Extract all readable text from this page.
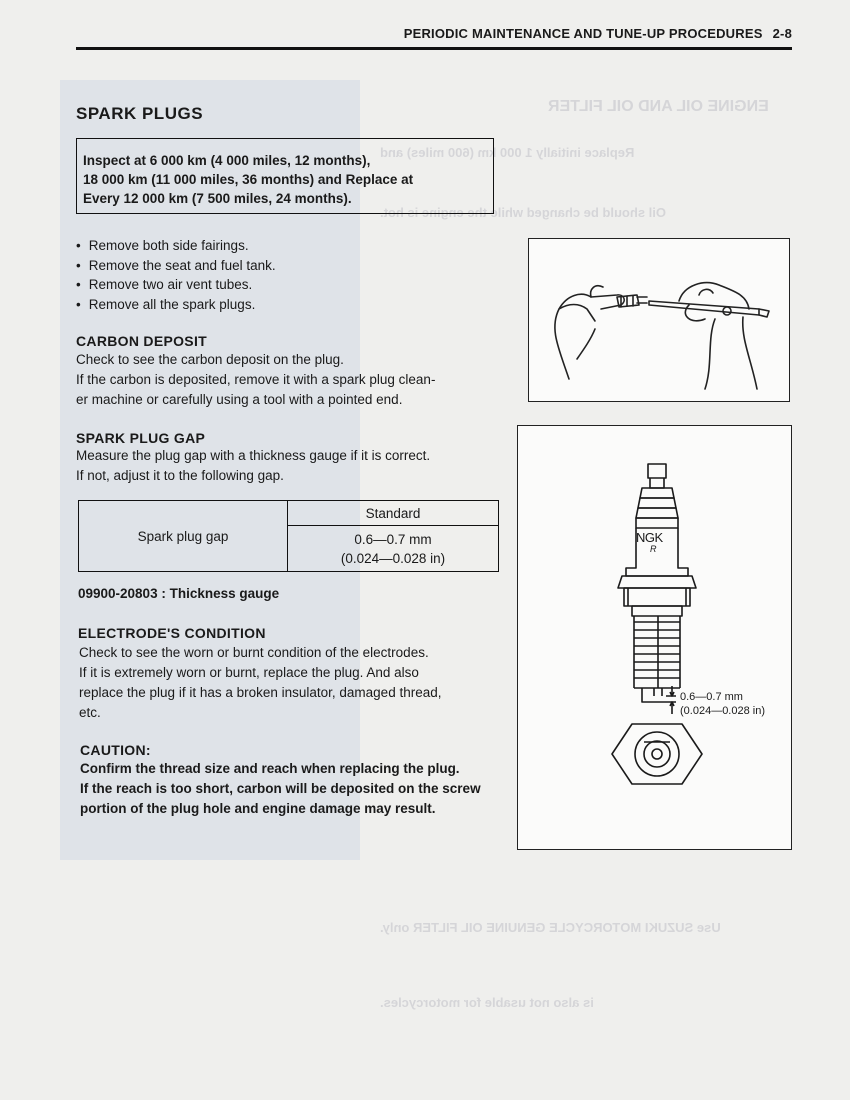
ENGINE OIL AND OIL FILTER
Replace initially 1 000 km (600 miles) and
Oil should be changed while the engine is hot.
Use SUZUKI MOTORCYCLE GENUINE OIL FILTER only.
is also not usable for motorcycles.
PERIODIC MAINTENANCE AND TUNE-UP PROCEDURES 2-8
SPARK PLUGS
Inspect at 6 000 km (4 000 miles, 12 months),
18 000 km (11 000 miles, 36 months) and Replace at
Every 12 000 km (7 500 miles, 24 months).
• Remove both side fairings.
• Remove the seat and fuel tank.
• Remove two air vent tubes.
• Remove all the spark plugs.
CARBON DEPOSIT
Check to see the carbon deposit on the plug.
If the carbon is deposited, remove it with a spark plug clean-
er machine or carefully using a tool with a pointed end.
SPARK PLUG GAP
Measure the plug gap with a thickness gauge if it is correct.
If not, adjust it to the following gap.
Spark plug gap	Standard

0.6—0.7 mm
(0.024—0.028 in)
09900-20803 : Thickness gauge
ELECTRODE'S CONDITION
Check to see the worn or burnt condition of the electrodes.
If it is extremely worn or burnt, replace the plug. And also
replace the plug if it has a broken insulator, damaged thread,
etc.
CAUTION:
Confirm the thread size and reach when replacing the plug.
If the reach is too short, carbon will be deposited on the screw
portion of the plug hole and engine damage may result.
NGK
R
0.6—0.7 mm
(0.024—0.028 in)
